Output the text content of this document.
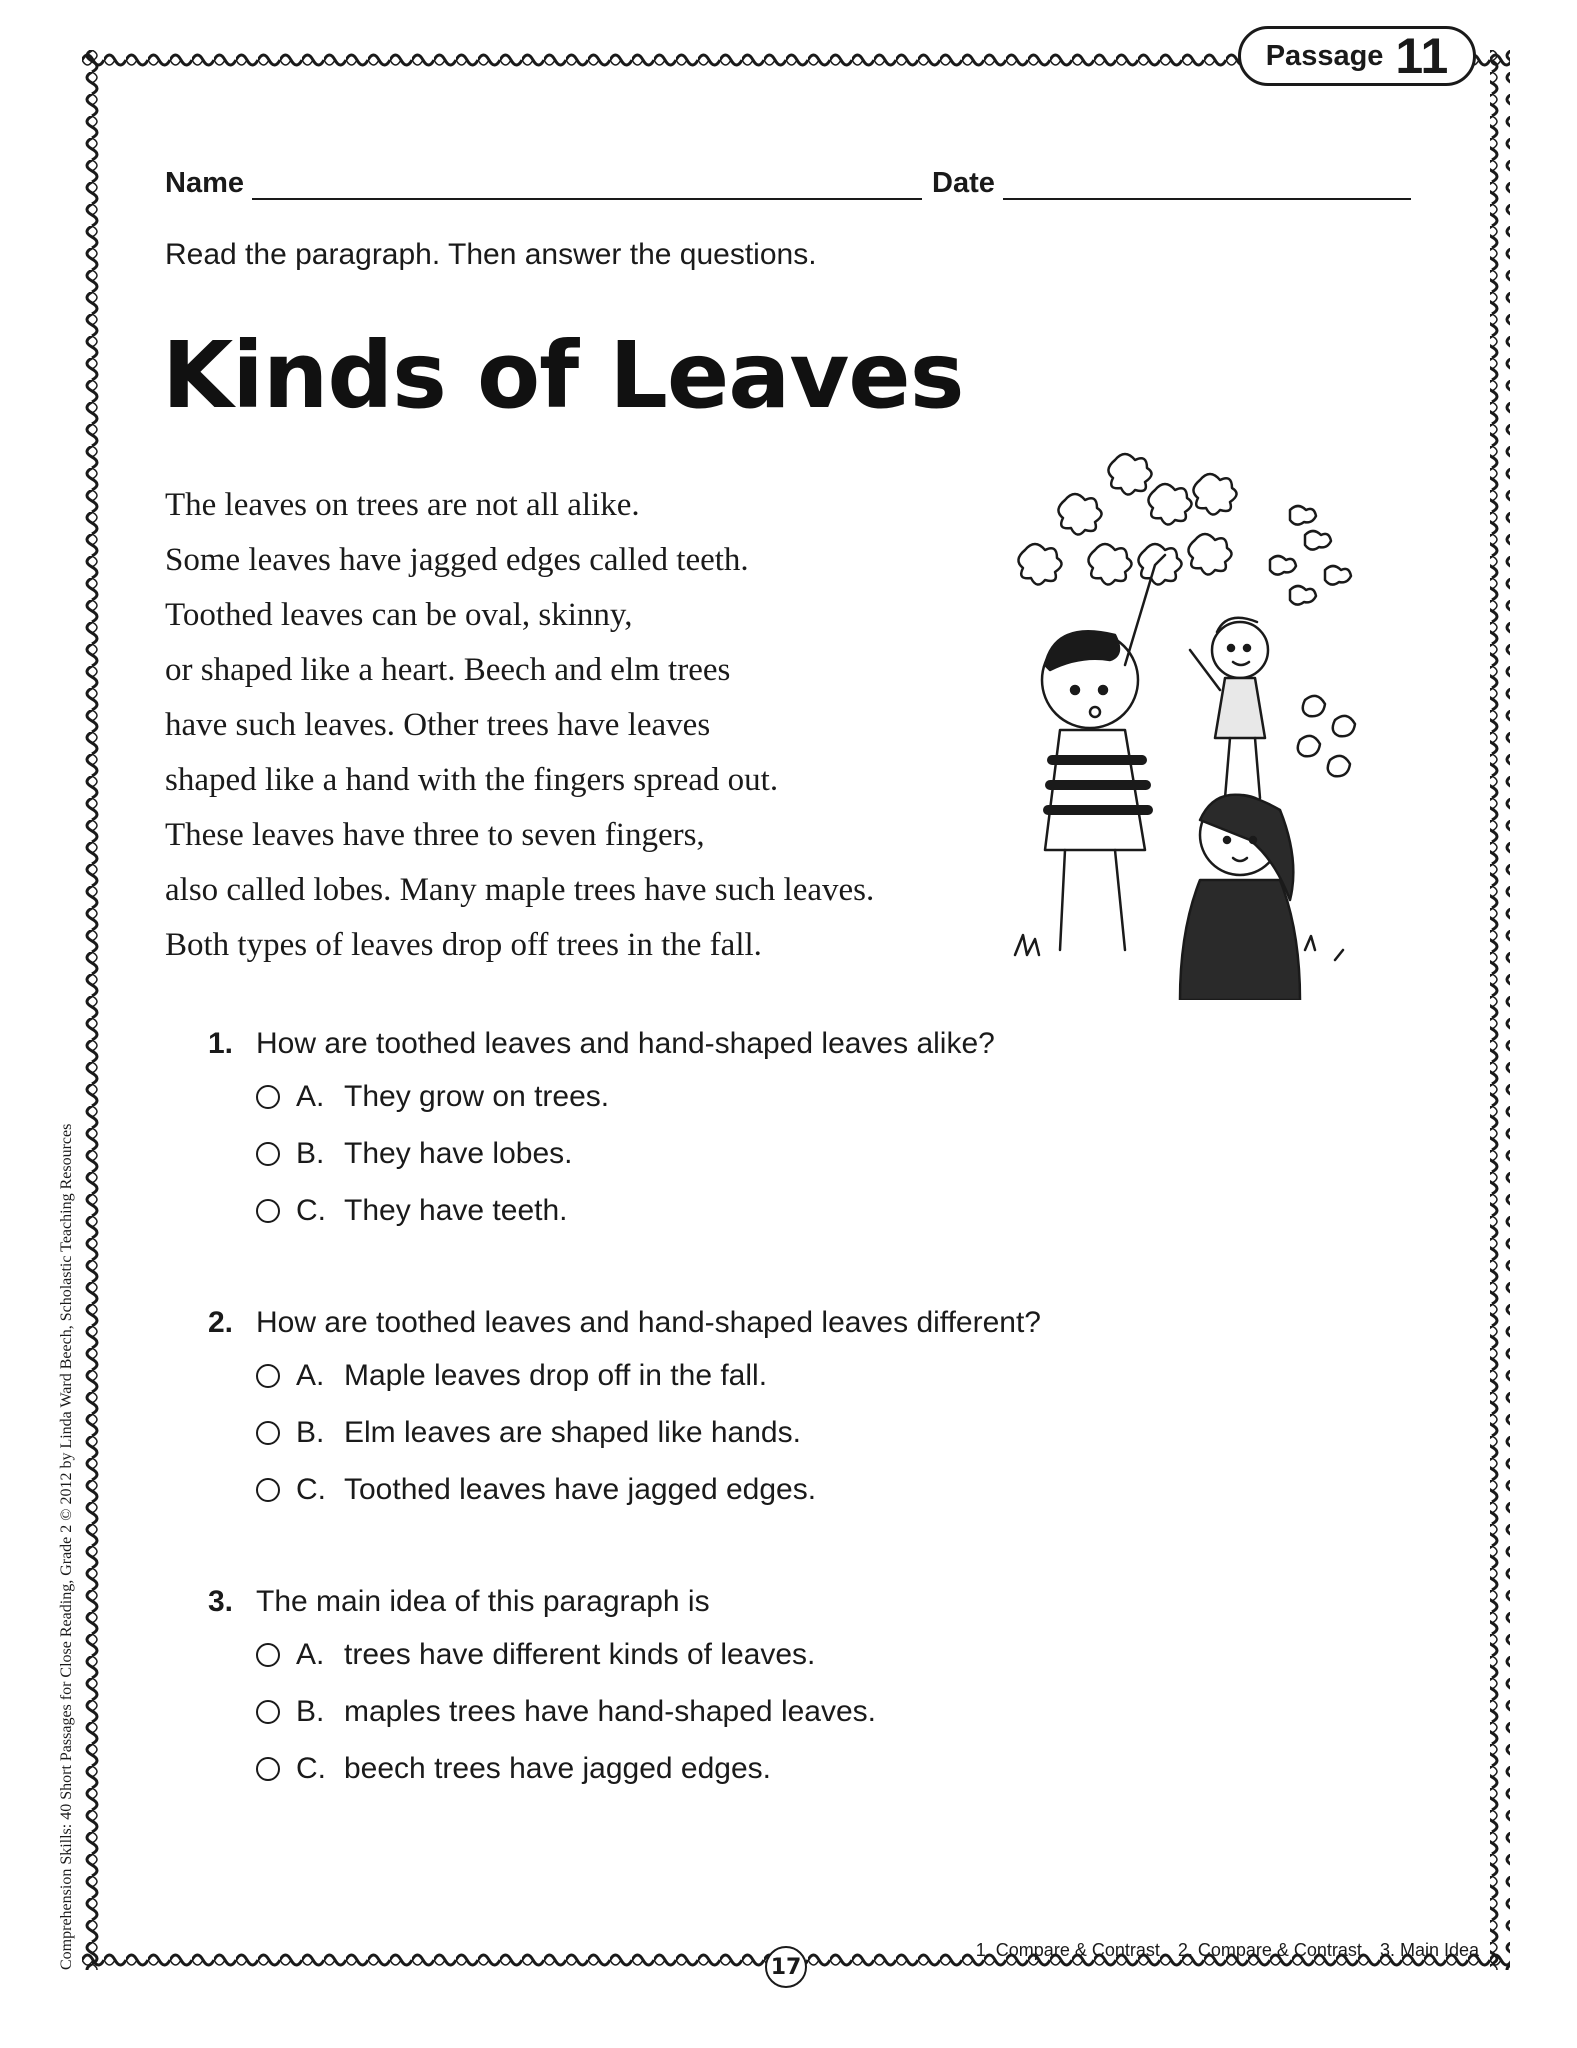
Passage 11
Name	Date
Read the paragraph. Then answer the questions.
Kinds of Leaves
The leaves on trees are not all alike.
Some leaves have jagged edges called teeth.
Toothed leaves can be oval, skinny,
or shaped like a heart. Beech and elm trees
have such leaves. Other trees have leaves
shaped like a hand with the fingers spread out.
These leaves have three to seven fingers,
also called lobes. Many maple trees have such leaves.
Both types of leaves drop off trees in the fall.
1. How are toothed leaves and hand-shaped leaves alike?
A. They grow on trees.
B. They have lobes.
C. They have teeth.
2. How are toothed leaves and hand-shaped leaves different?
A. Maple leaves drop off in the fall.
B. Elm leaves are shaped like hands.
C. Toothed leaves have jagged edges.
3. The main idea of this paragraph is
A. trees have different kinds of leaves.
B. maples trees have hand-shaped leaves.
C. beech trees have jagged edges.
1. Compare & Contrast 2. Compare & Contrast 3. Main Idea
17
Comprehension Skills: 40 Short Passages for Close Reading, Grade 2 © 2012 by Linda Ward Beech, Scholastic Teaching Resources
